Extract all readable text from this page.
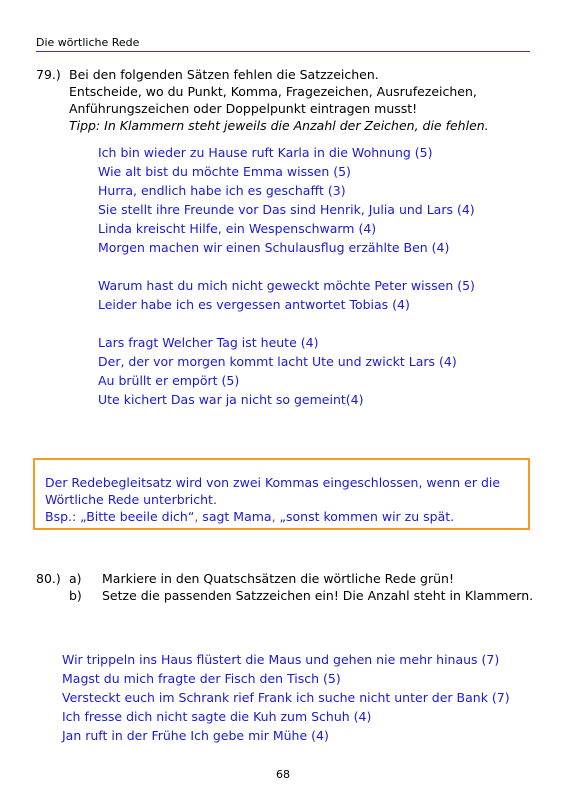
Die wörtliche Rede
79.) Bei den folgenden Sätzen fehlen die Satzzeichen.
Entscheide, wo du Punkt, Komma, Fragezeichen, Ausrufezeichen,
Anführungszeichen oder Doppelpunkt eintragen musst!
Tipp: In Klammern steht jeweils die Anzahl der Zeichen, die fehlen.
Ich bin wieder zu Hause ruft Karla in die Wohnung (5)
Wie alt bist du möchte Emma wissen (5)
Hurra, endlich habe ich es geschafft (3)
Sie stellt ihre Freunde vor Das sind Henrik, Julia und Lars (4)
Linda kreischt Hilfe, ein Wespenschwarm (4)
Morgen machen wir einen Schulausflug erzählte Ben (4)
Warum hast du mich nicht geweckt möchte Peter wissen (5)
Leider habe ich es vergessen antwortet Tobias (4)
Lars fragt Welcher Tag ist heute (4)
Der, der vor morgen kommt lacht Ute und zwickt Lars (4)
Au brüllt er empört (5)
Ute kichert Das war ja nicht so gemeint(4)
Der Redebegleitsatz wird von zwei Kommas eingeschlossen, wenn er die
Wörtliche Rede unterbricht.
Bsp.: „Bitte beeile dich“, sagt Mama, „sonst kommen wir zu spät.
80.) a) Markiere in den Quatschsätzen die wörtliche Rede grün!
b) Setze die passenden Satzzeichen ein! Die Anzahl steht in Klammern.
Wir trippeln ins Haus flüstert die Maus und gehen nie mehr hinaus (7)
Magst du mich fragte der Fisch den Tisch (5)
Versteckt euch im Schrank rief Frank ich suche nicht unter der Bank (7)
Ich fresse dich nicht sagte die Kuh zum Schuh (4)
Jan ruft in der Frühe Ich gebe mir Mühe (4)
68
